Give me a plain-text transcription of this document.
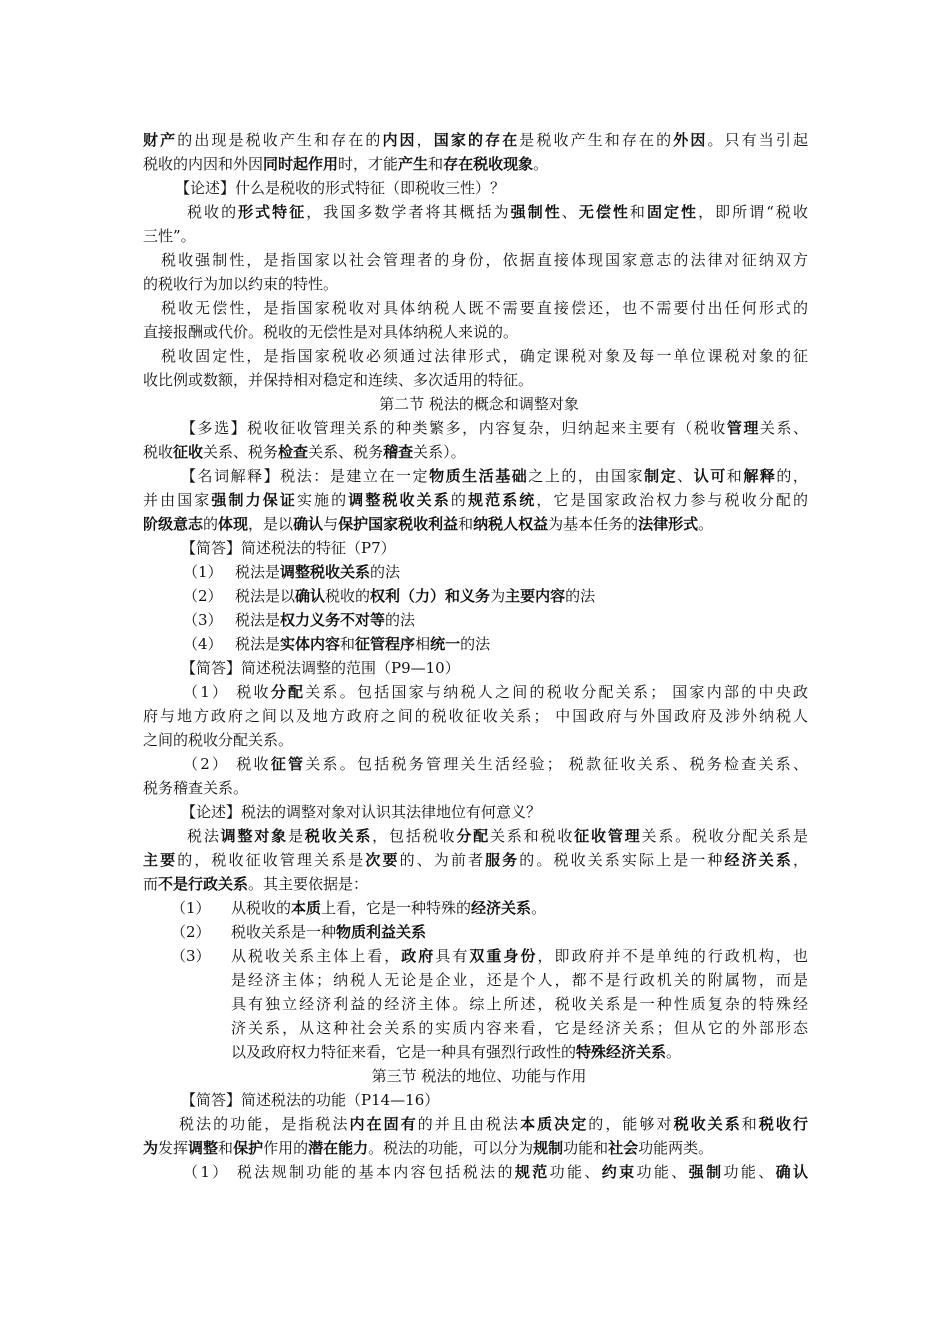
财产的出现是税收产生和存在的内因，国家的存在是税收产生和存在的外因。只有当引起
税收的内因和外因同时起作用时，才能产生和存在税收现象。
【论述】什么是税收的形式特征（即税收三性）？
税收的形式特征，我国多数学者将其概括为强制性、无偿性和固定性，即所谓“税收
三性”。
税收强制性，是指国家以社会管理者的身份，依据直接体现国家意志的法律对征纳双方
的税收行为加以约束的特性。
税收无偿性，是指国家税收对具体纳税人既不需要直接偿还，也不需要付出任何形式的
直接报酬或代价。税收的无偿性是对具体纳税人来说的。
税收固定性，是指国家税收必须通过法律形式，确定课税对象及每一单位课税对象的征
收比例或数额，并保持相对稳定和连续、多次适用的特征。
第二节 税法的概念和调整对象
【多选】税收征收管理关系的种类繁多，内容复杂，归纳起来主要有（税收管理关系、
税收征收关系、税务检查关系、税务稽查关系）。
【名词解释】税法：是建立在一定物质生活基础之上的，由国家制定、认可和解释的，
并由国家强制力保证实施的调整税收关系的规范系统，它是国家政治权力参与税收分配的
阶级意志的体现，是以确认与保护国家税收利益和纳税人权益为基本任务的法律形式。
【简答】简述税法的特征（P7）
（1） 税法是调整税收关系的法
（2） 税法是以确认税收的权利（力）和义务为主要内容的法
（3） 税法是权力义务不对等的法
（4） 税法是实体内容和征管程序相统一的法
【简答】简述税法调整的范围（P9—10）
（1） 税收分配关系。包括国家与纳税人之间的税收分配关系； 国家内部的中央政
府与地方政府之间以及地方政府之间的税收征收关系； 中国政府与外国政府及涉外纳税人
之间的税收分配关系。
（2） 税收征管关系。包括税务管理关生活经验； 税款征收关系、税务检查关系、
税务稽查关系。
【论述】税法的调整对象对认识其法律地位有何意义？
税法调整对象是税收关系，包括税收分配关系和税收征收管理关系。税收分配关系是
主要的，税收征收管理关系是次要的、为前者服务的。税收关系实际上是一种经济关系，
而不是行政关系。其主要依据是：
（1） 从税收的本质上看，它是一种特殊的经济关系。
（2） 税收关系是一种物质利益关系
（3）	从税收关系主体上看，政府具有双重身份，即政府并不是单纯的行政机构，也
是经济主体；纳税人无论是企业，还是个人，都不是行政机关的附属物，而是
具有独立经济利益的经济主体。综上所述，税收关系是一种性质复杂的特殊经
济关系，从这种社会关系的实质内容来看，它是经济关系；但从它的外部形态
以及政府权力特征来看，它是一种具有强烈行政性的特殊经济关系。
第三节 税法的地位、功能与作用
【简答】简述税法的功能（P14—16）
税法的功能，是指税法内在固有的并且由税法本质决定的，能够对税收关系和税收行
为发挥调整和保护作用的潜在能力。税法的功能，可以分为规制功能和社会功能两类。
（1） 税法规制功能的基本内容包括税法的规范功能、约束功能、强制功能、确认
